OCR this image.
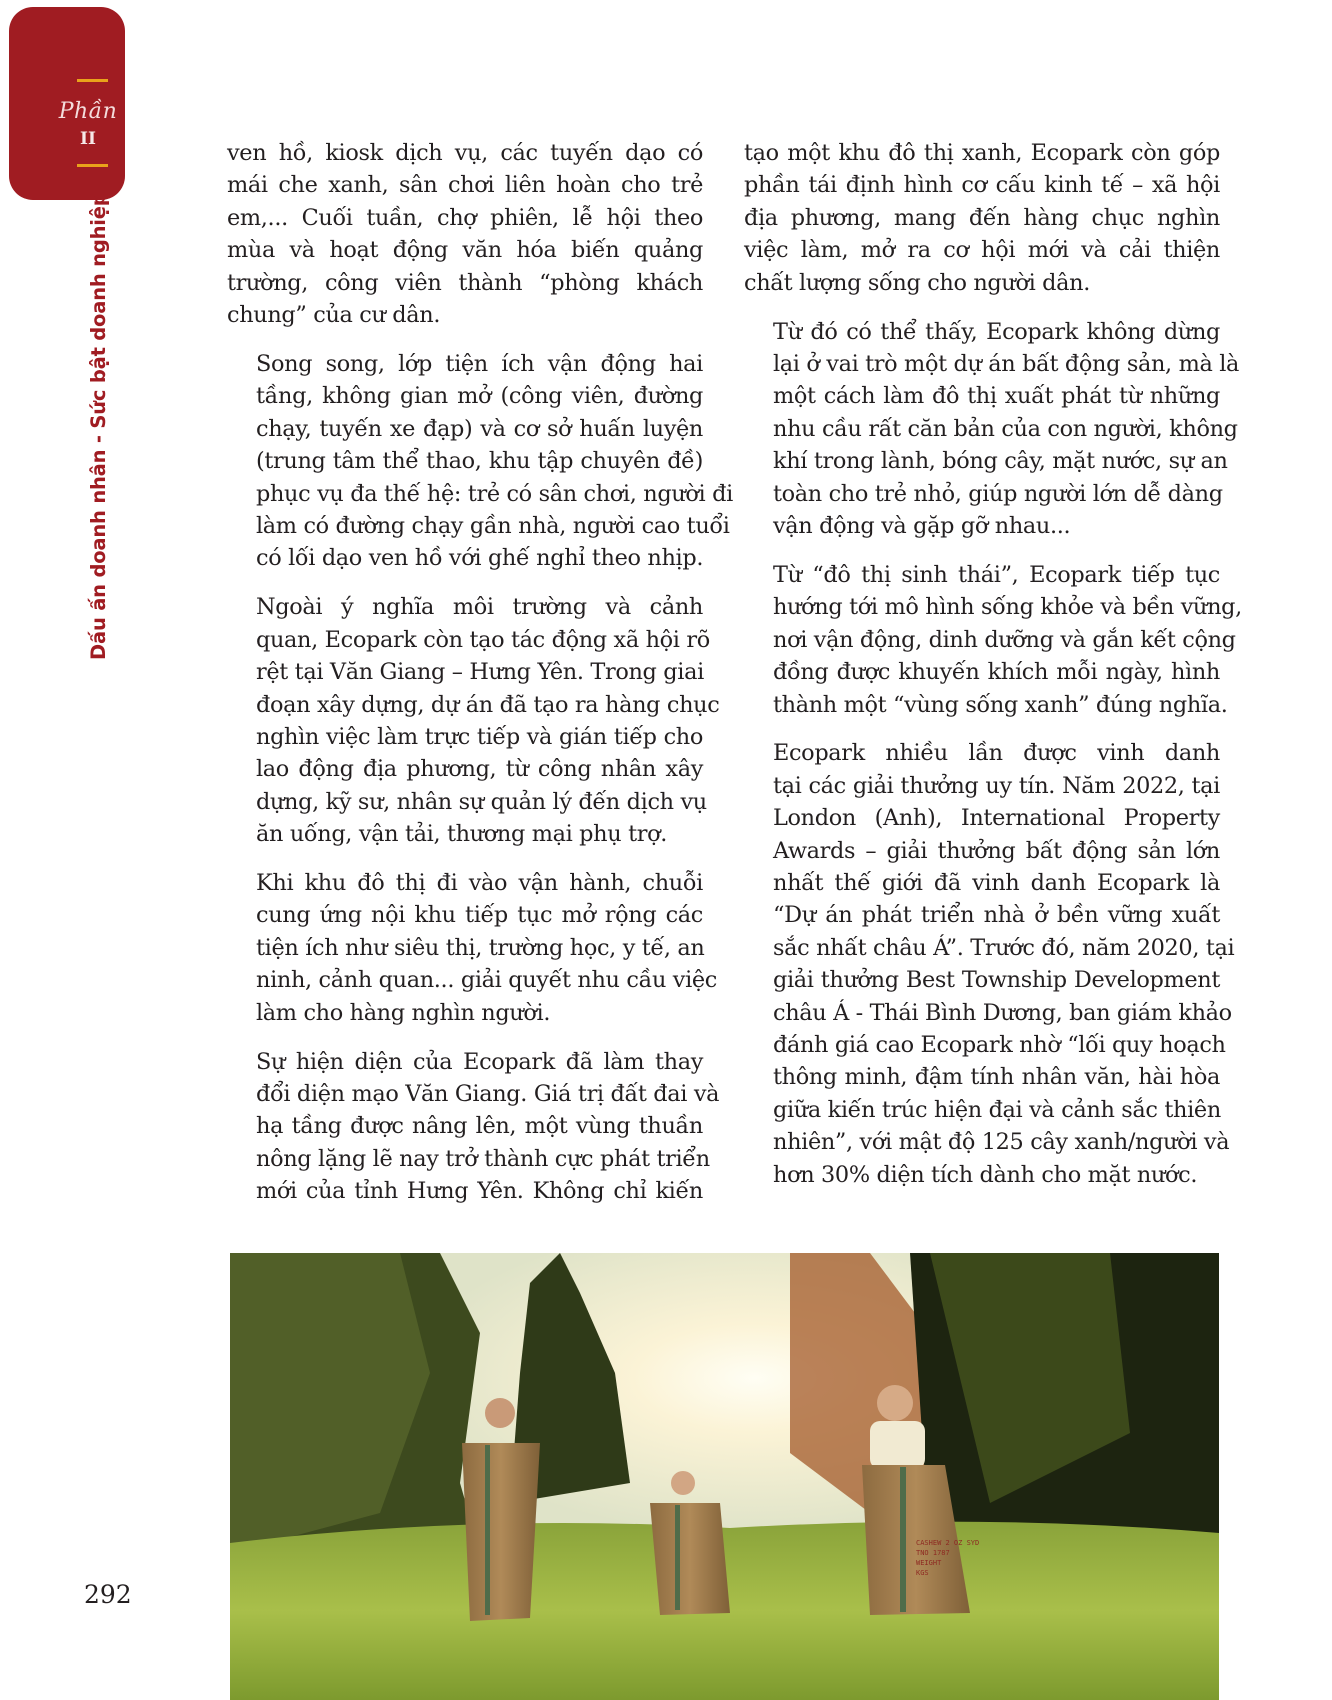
Phần
II
Dấu ấn doanh nhân - Sức bật doanh nghiệp

ven hồ, kiosk dịch vụ, các tuyến dạo có
mái che xanh, sân chơi liên hoàn cho trẻ
em,... Cuối tuần, chợ phiên, lễ hội theo
mùa và hoạt động văn hóa biến quảng
trường, công viên thành “phòng khách
chung” của cư dân.

Song song, lớp tiện ích vận động hai
tầng, không gian mở (công viên, đường
chạy, tuyến xe đạp) và cơ sở huấn luyện
(trung tâm thể thao, khu tập chuyên đề)
phục vụ đa thế hệ: trẻ có sân chơi, người đi
làm có đường chạy gần nhà, người cao tuổi
có lối dạo ven hồ với ghế nghỉ theo nhịp.

Ngoài ý nghĩa môi trường và cảnh
quan, Ecopark còn tạo tác động xã hội rõ
rệt tại Văn Giang – Hưng Yên. Trong giai
đoạn xây dựng, dự án đã tạo ra hàng chục
nghìn việc làm trực tiếp và gián tiếp cho
lao động địa phương, từ công nhân xây
dựng, kỹ sư, nhân sự quản lý đến dịch vụ
ăn uống, vận tải, thương mại phụ trợ.

Khi khu đô thị đi vào vận hành, chuỗi
cung ứng nội khu tiếp tục mở rộng các
tiện ích như siêu thị, trường học, y tế, an
ninh, cảnh quan... giải quyết nhu cầu việc
làm cho hàng nghìn người.

Sự hiện diện của Ecopark đã làm thay
đổi diện mạo Văn Giang. Giá trị đất đai và
hạ tầng được nâng lên, một vùng thuần
nông lặng lẽ nay trở thành cực phát triển
mới của tỉnh Hưng Yên. Không chỉ kiến

tạo một khu đô thị xanh, Ecopark còn góp
phần tái định hình cơ cấu kinh tế – xã hội
địa phương, mang đến hàng chục nghìn
việc làm, mở ra cơ hội mới và cải thiện
chất lượng sống cho người dân.

Từ đó có thể thấy, Ecopark không dừng
lại ở vai trò một dự án bất động sản, mà là
một cách làm đô thị xuất phát từ những
nhu cầu rất căn bản của con người, không
khí trong lành, bóng cây, mặt nước, sự an
toàn cho trẻ nhỏ, giúp người lớn dễ dàng
vận động và gặp gỡ nhau...

Từ “đô thị sinh thái”, Ecopark tiếp tục
hướng tới mô hình sống khỏe và bền vững,
nơi vận động, dinh dưỡng và gắn kết cộng
đồng được khuyến khích mỗi ngày, hình
thành một “vùng sống xanh” đúng nghĩa.

Ecopark nhiều lần được vinh danh
tại các giải thưởng uy tín. Năm 2022, tại
London (Anh), International Property
Awards – giải thưởng bất động sản lớn
nhất thế giới đã vinh danh Ecopark là
“Dự án phát triển nhà ở bền vững xuất
sắc nhất châu Á”. Trước đó, năm 2020, tại
giải thưởng Best Township Development
châu Á - Thái Bình Dương, ban giám khảo
đánh giá cao Ecopark nhờ “lối quy hoạch
thông minh, đậm tính nhân văn, hài hòa
giữa kiến trúc hiện đại và cảnh sắc thiên
nhiên”, với mật độ 125 cây xanh/người và
hơn 30% diện tích dành cho mặt nước.

292
CASHEW 2 OZ SYD
TNO 1787
WEIGHT
KGS
